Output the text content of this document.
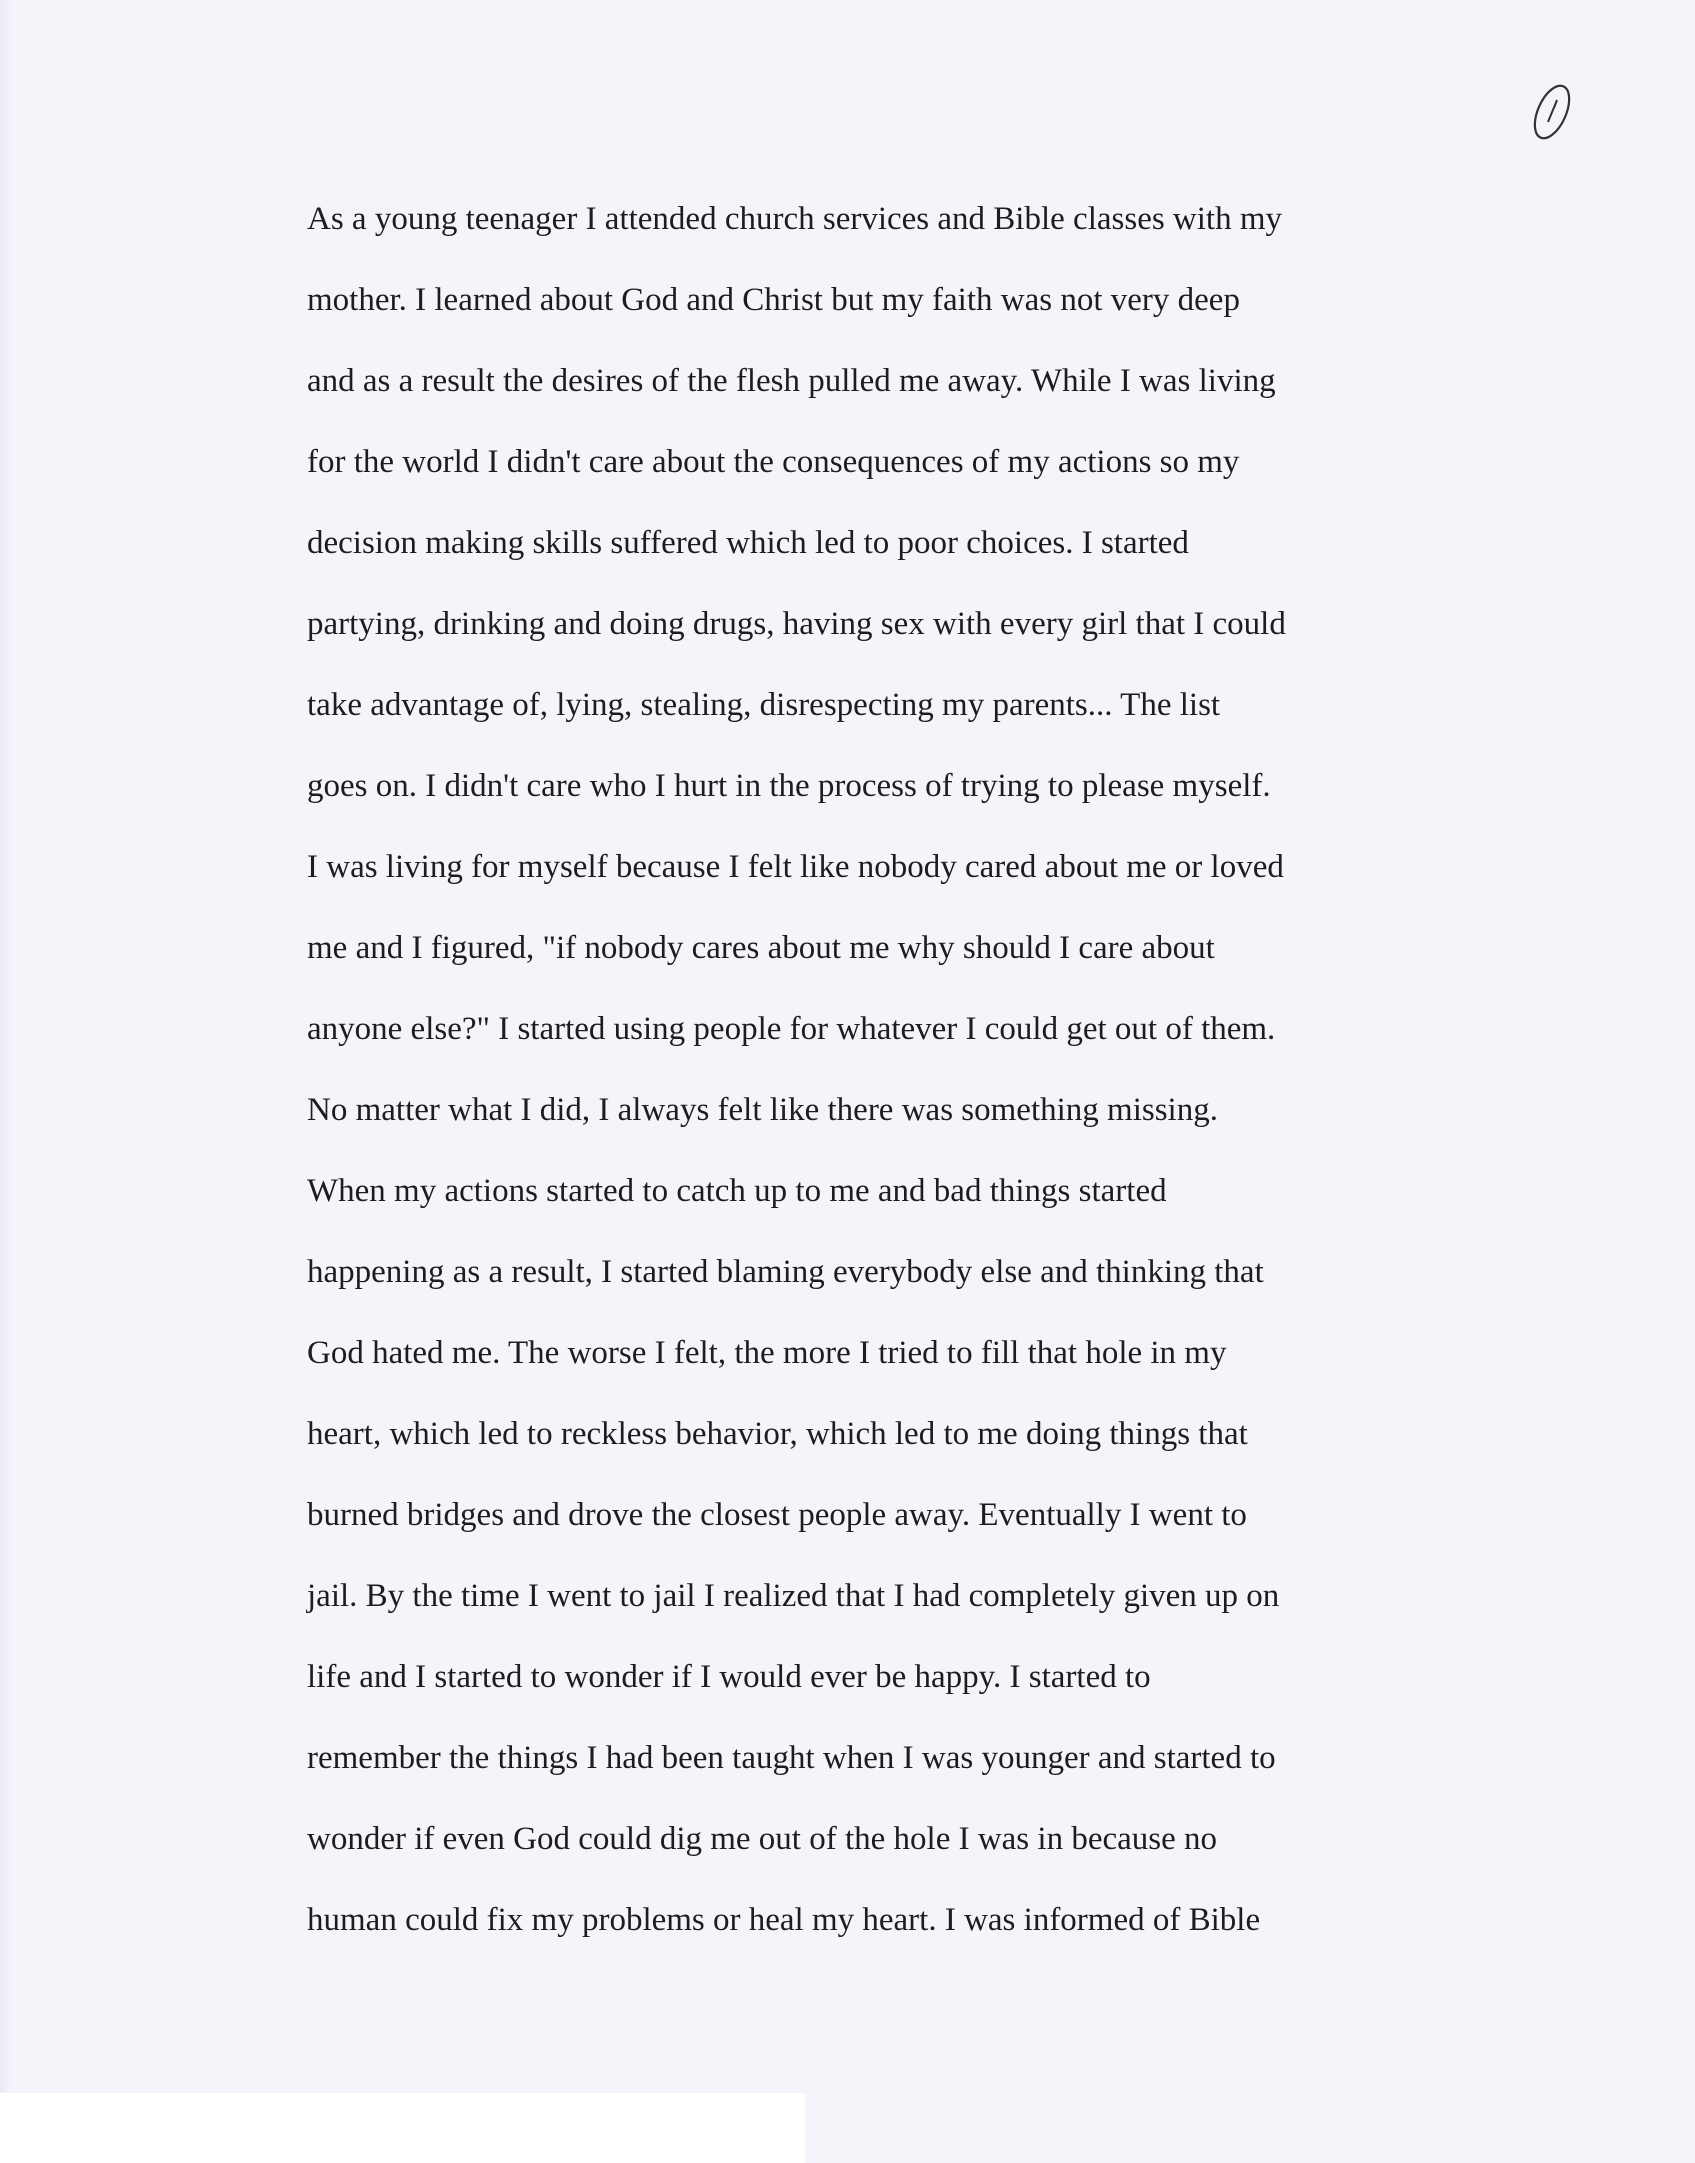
As a young teenager I attended church services and Bible classes with my
mother. I learned about God and Christ but my faith was not very deep
and as a result the desires of the flesh pulled me away. While I was living
for the world I didn't care about the consequences of my actions so my
decision making skills suffered which led to poor choices. I started
partying, drinking and doing drugs, having sex with every girl that I could
take advantage of, lying, stealing, disrespecting my parents... The list
goes on. I didn't care who I hurt in the process of trying to please myself.
I was living for myself because I felt like nobody cared about me or loved
me and I figured, "if nobody cares about me why should I care about
anyone else?" I started using people for whatever I could get out of them.
No matter what I did, I always felt like there was something missing.
When my actions started to catch up to me and bad things started
happening as a result, I started blaming everybody else and thinking that
God hated me. The worse I felt, the more I tried to fill that hole in my
heart, which led to reckless behavior, which led to me doing things that
burned bridges and drove the closest people away. Eventually I went to
jail. By the time I went to jail I realized that I had completely given up on
life and I started to wonder if I would ever be happy. I started to
remember the things I had been taught when I was younger and started to
wonder if even God could dig me out of the hole I was in because no
human could fix my problems or heal my heart. I was informed of Bible
